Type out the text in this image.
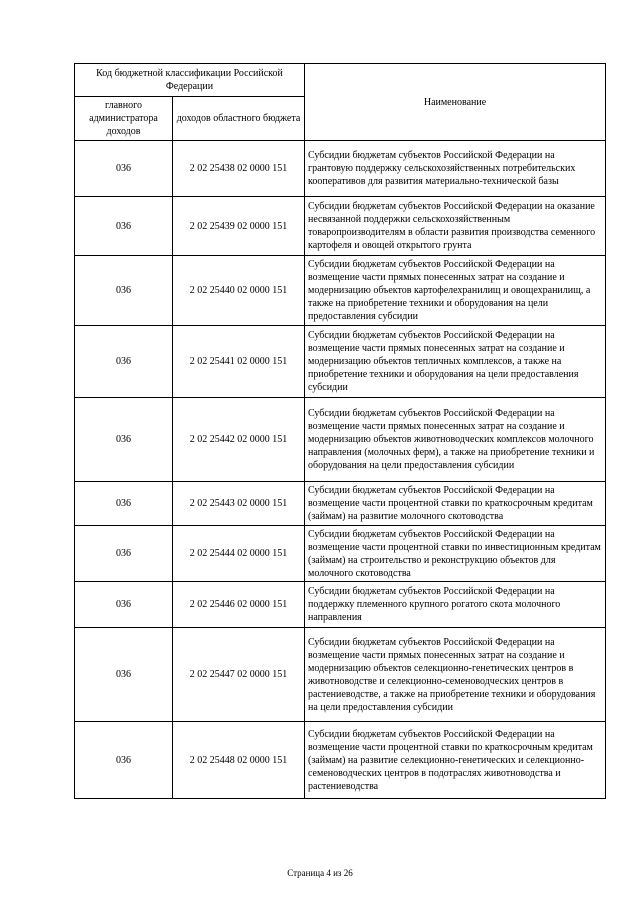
Код бюджетной классификации Российской Федерации		Наименование
главного администратора доходов	доходов областного бюджета	
036	2 02 25438 02 0000 151	Субсидии бюджетам субъектов Российской Федерации на грантовую поддержку сельскохозяйственных потребительских кооперативов для развития материально-технической базы
036	2 02 25439 02 0000 151	Субсидии бюджетам субъектов Российской Федерации на оказание несвязанной поддержки сельскохозяйственным товаропроизводителям в области развития производства семенного картофеля и овощей открытого грунта
036	2 02 25440 02 0000 151	Субсидии бюджетам субъектов Российской Федерации на возмещение части прямых понесенных затрат на создание и модернизацию объектов картофелехранилищ и овощехранилищ, а также на приобретение техники и оборудования на цели предоставления субсидии
036	2 02 25441 02 0000 151	Субсидии бюджетам субъектов Российской Федерации на возмещение части прямых понесенных затрат на создание и модернизацию объектов тепличных комплексов, а также на приобретение техники и оборудования на цели предоставления субсидии
036	2 02 25442 02 0000 151	Субсидии бюджетам субъектов Российской Федерации на возмещение части прямых понесенных затрат на создание и модернизацию объектов животноводческих комплексов молочного направления (молочных ферм), а также на приобретение техники и оборудования на цели предоставления субсидии
036	2 02 25443 02 0000 151	Субсидии бюджетам субъектов Российской Федерации на возмещение части процентной ставки по краткосрочным кредитам (займам) на развитие молочного скотоводства
036	2 02 25444 02 0000 151	Субсидии бюджетам субъектов Российской Федерации на возмещение части процентной ставки по инвестиционным кредитам (займам) на строительство и реконструкцию объектов для молочного скотоводства
036	2 02 25446 02 0000 151	Субсидии бюджетам субъектов Российской Федерации на поддержку племенного крупного рогатого скота молочного направления
036	2 02 25447 02 0000 151	Субсидии бюджетам субъектов Российской Федерации на возмещение части прямых понесенных затрат на создание и модернизацию объектов селекционно-генетических центров в животноводстве и селекционно-семеноводческих центров в растениеводстве, а также на приобретение техники и оборудования на цели предоставления субсидии
036	2 02 25448 02 0000 151	Субсидии бюджетам субъектов Российской Федерации на возмещение части процентной ставки по краткосрочным кредитам (займам) на развитие селекционно-генетических и селекционно-семеноводческих центров в подотраслях животноводства и растениеводства
Страница 4 из 26
